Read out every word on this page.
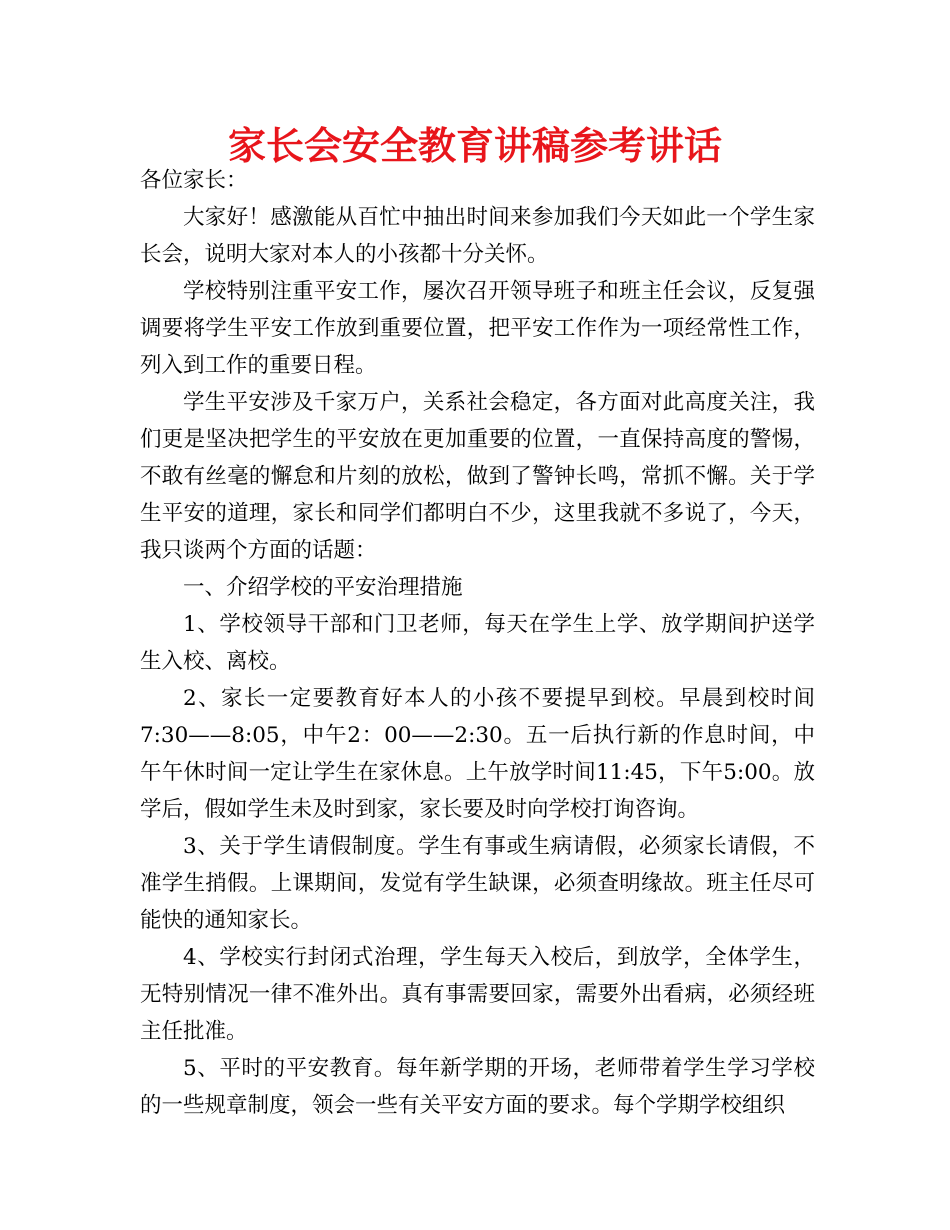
家长会安全教育讲稿参考讲话

各位家长：

大家好！感激能从百忙中抽出时间来参加我们今天如此一个学生家长会，说明大家对本人的小孩都十分关怀。

学校特别注重平安工作，屡次召开领导班子和班主任会议，反复强调要将学生平安工作放到重要位置，把平安工作作为一项经常性工作，列入到工作的重要日程。

学生平安涉及千家万户，关系社会稳定，各方面对此高度关注，我们更是坚决把学生的平安放在更加重要的位置，一直保持高度的警惕，不敢有丝毫的懈怠和片刻的放松，做到了警钟长鸣，常抓不懈。关于学生平安的道理，家长和同学们都明白不少，这里我就不多说了，今天，我只谈两个方面的话题：

一、介绍学校的平安治理措施

1、学校领导干部和门卫老师，每天在学生上学、放学期间护送学生入校、离校。

2、家长一定要教育好本人的小孩不要提早到校。早晨到校时间7:30——8:05，中午2：00——2:30。五一后执行新的作息时间，中午午休时间一定让学生在家休息。上午放学时间11:45，下午5:00。放学后，假如学生未及时到家，家长要及时向学校打询咨询。

3、关于学生请假制度。学生有事或生病请假，必须家长请假，不准学生捎假。上课期间，发觉有学生缺课，必须查明缘故。班主任尽可能快的通知家长。

4、学校实行封闭式治理，学生每天入校后，到放学，全体学生，无特别情况一律不准外出。真有事需要回家，需要外出看病，必须经班主任批准。

5、平时的平安教育。每年新学期的开场，老师带着学生学习学校的一些规章制度，领会一些有关平安方面的要求。每个学期学校组织
